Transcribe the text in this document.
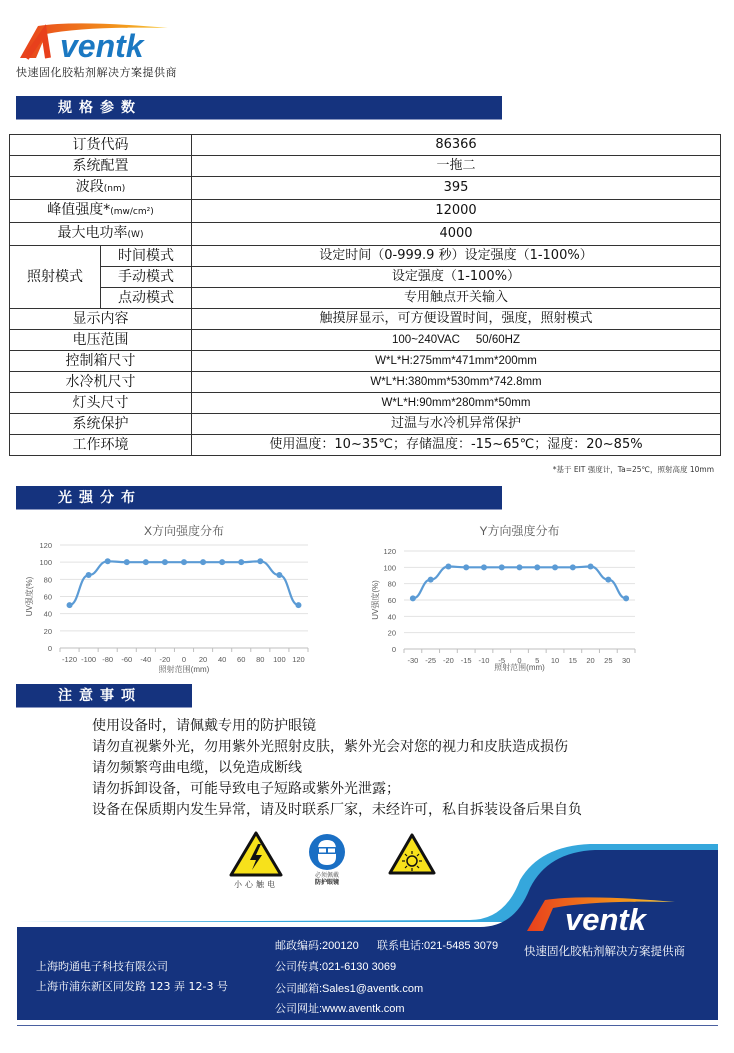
ventk
快速固化胶粘剂解决方案提供商
规格参数
订货代码		86366
系统配置		一拖二
波段(nm)		395
峰值强度*(mw/cm²)		12000
最大电功率(W)		4000
照射模式	时间模式	设定时间（0-999.9 秒）设定强度（1-100%）
	手动模式	设定强度（1-100%）
	点动模式	专用触点开关输入
显示内容		触摸屏显示，可方便设置时间，强度，照射模式
电压范围		100~240VAC     50/60HZ
控制箱尺寸		W*L*H:275mm*471mm*200mm
水冷机尺寸		W*L*H:380mm*530mm*742.8mm
灯头尺寸		W*L*H:90mm*280mm*50mm
系统保护		过温与水冷机异常保护
工作环境		使用温度：10~35℃；存储温度：-15~65℃；湿度：20~85%
*基于 EIT 强度计，Ta=25℃，照射高度 10mm
光强分布
X方向强度分布
0
20
40
60
80
100
120
-120 -100 -80 -60 -40 -20 0 20 40 60 80 100 120
照射范围(mm)
UV强度(%)
Y方向强度分布
0
20
40
60
80
100
120
-30 -25 -20 -15 -10 -5 0 5 10 15 20 25 30
照射范围(mm)
UV强度(%)
注意事项
使用设备时，请佩戴专用的防护眼镜
请勿直视紫外光，勿用紫外光照射皮肤，紫外光会对您的视力和皮肤造成损伤
请勿频繁弯曲电缆，以免造成断线
请勿拆卸设备，可能导致电子短路或紫外光泄露；
设备在保质期内发生异常，请及时联系厂家，未经许可，私自拆装设备后果自负
小心触电
必须佩戴
防护眼镜
ventk
上海昀通电子科技有限公司
上海市浦东新区同发路 123 弄 12-3 号
邮政编码:200120 联系电话:021-5485 3079
公司传真:021-6130 3069
公司邮箱:Sales1@aventk.com
公司网址:www.aventk.com
快速固化胶粘剂解决方案提供商
